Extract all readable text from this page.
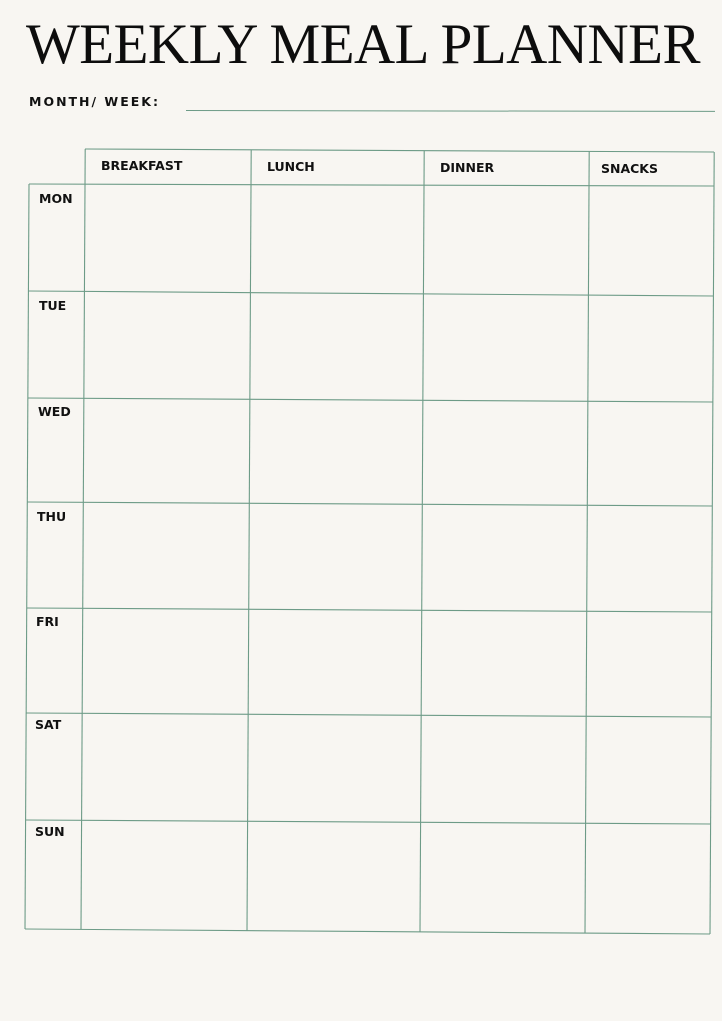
WEEKLY MEAL PLANNER
MONTH/ WEEK:
BREAKFAST	LUNCH	DINNER	SNACKS
MON
TUE
WED
THU
FRI
SAT
SUN
